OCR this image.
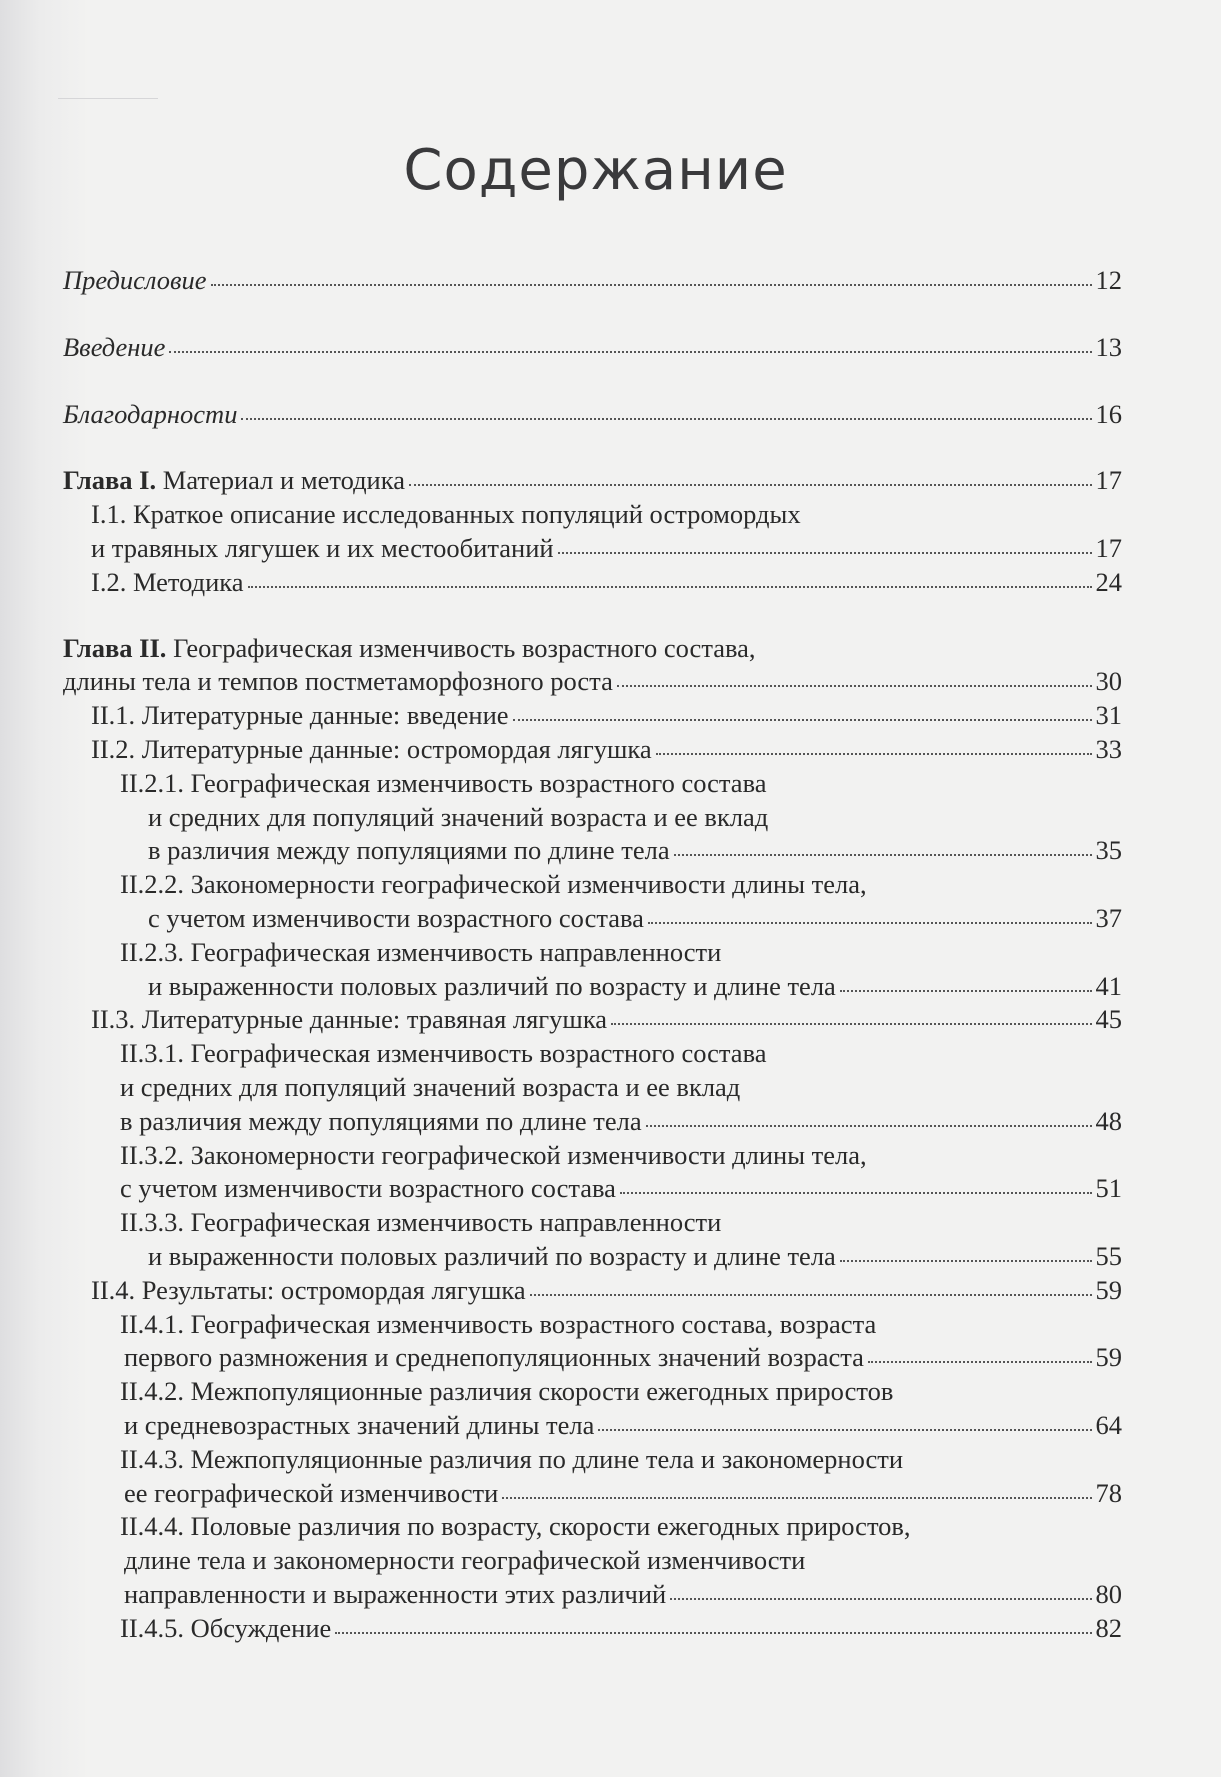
Содержание
Предисловие	12
Введение	13
Благодарности	16
Глава I. Материал и методика	17
I.1. Краткое описание исследованных популяций остромордых
и травяных лягушек и их местообитаний	17
I.2. Методика	24
Глава II. Географическая изменчивость возрастного состава,
длины тела и темпов постметаморфозного роста	30
II.1. Литературные данные: введение	31
II.2. Литературные данные: остромордая лягушка	33
II.2.1. Географическая изменчивость возрастного состава
и средних для популяций значений возраста и ее вклад
в различия между популяциями по длине тела	35
II.2.2. Закономерности географической изменчивости длины тела,
с учетом изменчивости возрастного состава	37
II.2.3. Географическая изменчивость направленности
и выраженности половых различий по возрасту и длине тела	41
II.3. Литературные данные: травяная лягушка	45
II.3.1. Географическая изменчивость возрастного состава
и средних для популяций значений возраста и ее вклад
в различия между популяциями по длине тела	48
II.3.2. Закономерности географической изменчивости длины тела,
с учетом изменчивости возрастного состава	51
II.3.3. Географическая изменчивость направленности
и выраженности половых различий по возрасту и длине тела	55
II.4. Результаты: остромордая лягушка	59
II.4.1. Географическая изменчивость возрастного состава, возраста
первого размножения и среднепопуляционных значений возраста	59
II.4.2. Межпопуляционные различия скорости ежегодных приростов
и средневозрастных значений длины тела	64
II.4.3. Межпопуляционные различия по длине тела и закономерности
ее географической изменчивости	78
II.4.4. Половые различия по возрасту, скорости ежегодных приростов,
длине тела и закономерности географической изменчивости
направленности и выраженности этих различий	80
II.4.5. Обсуждение	82
